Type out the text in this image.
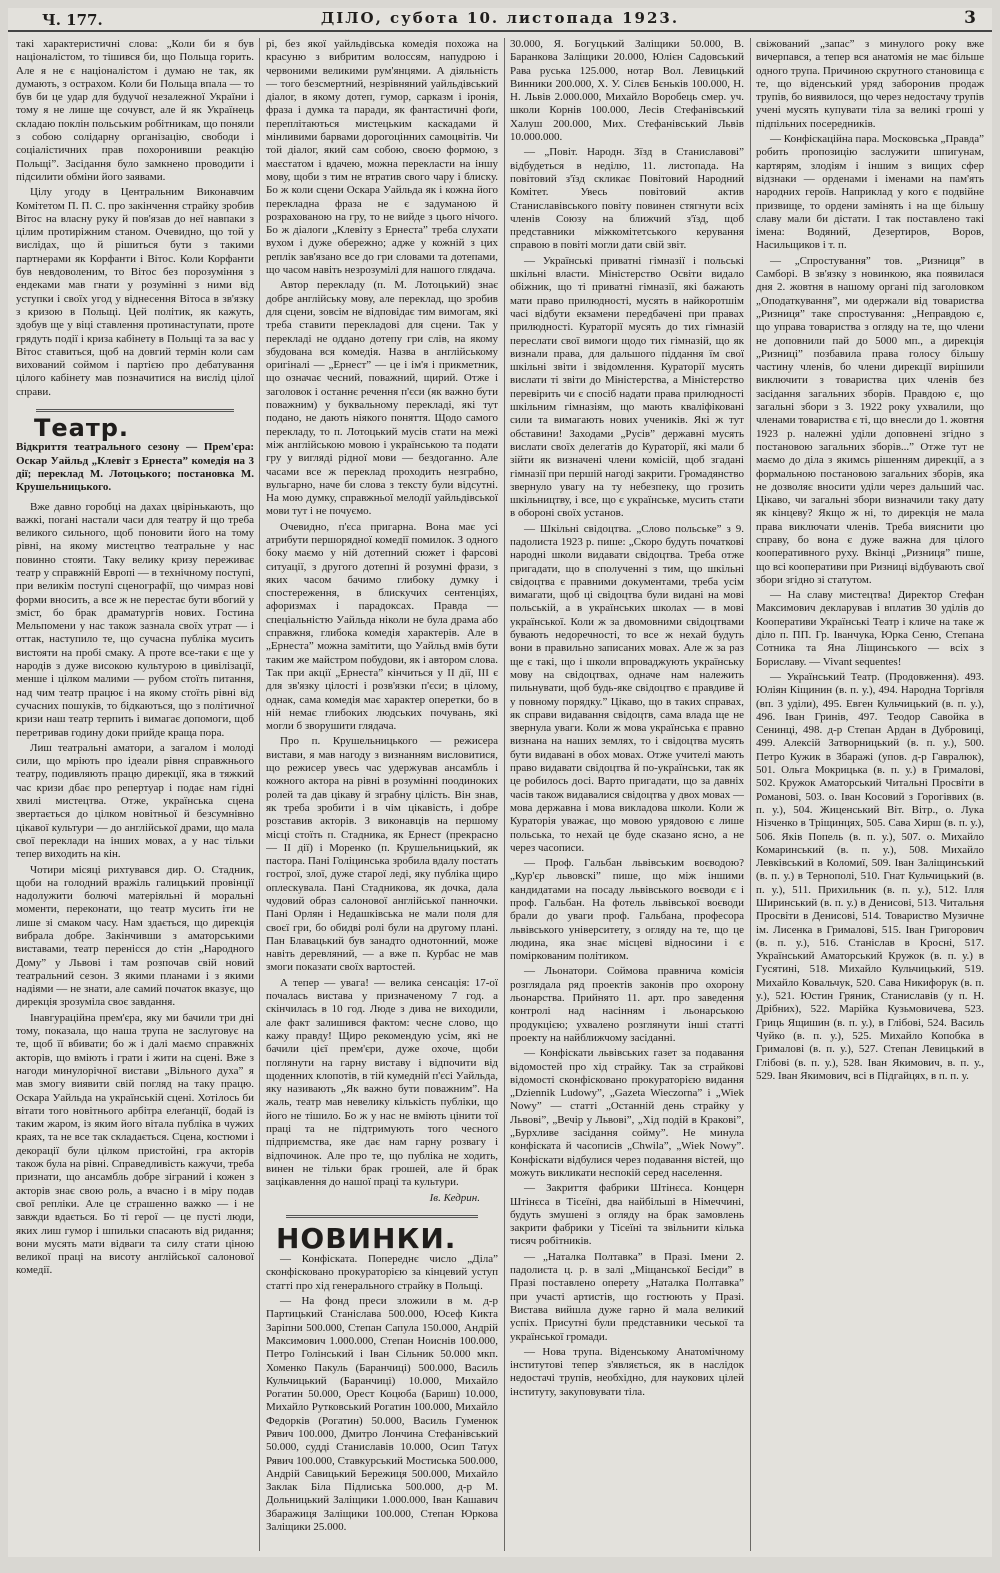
Ч. 177.	ДІЛО, субота 10. листопада 1923.	3

такі характеристичні слова: „Коли би я був націоналістом, то тішився би, що Польща горить. Але я не є націоналістом і думаю не так, як думають, з острахом. Коли би Польща впала — то був би це удар для будучої незалежної України і тому я не лише ще сочувст, але й як Українець складаю поклін польським робітникам, що поняли з собою солідарну організацію, свободи і соціалістичних прав похоронивши реакцію Польщі”. Засідання було замкнено проводити і підсилити обміни його заявами.

Цілу угоду в Центральним Виконавчим Комітетом П. П. С. про закінчення страйку зробив Вітос на власну руку й пов'язав до неї навпаки з цілим протиріжним станом. Очевидно, що той у вислідах, що й рішиться бути з такими партнерами як Корфанти і Вітос. Коли Корфанти був невдоволеним, то Вітос без порозуміння з ендеками мав гнати у розумінні з ними від уступки і своїх угод у віднесення Вітоса в зв'язку з кризою в Польщі. Цей політик, як кажуть, здобув ще у віці ставлення протинаступати, проте грядуть події і криза кабінету в Польщі та за вас у Вітос ставиться, щоб на довгий термін коли сам вихований соймом і партією про дебатування цілого кабінету мав позначитися на вислід цілої справи.

Театр.

Відкриття театрального сезону — Прем'єра: Оскар Уайльд „Клевіт з Ернеста” комедія на 3 дії; переклад М. Лотоцького; постановка М. Крушельницького.

Вже давно горобці на дахах цвірінькають, що важкі, погані настали часи для театру й що треба великого сильного, щоб поновити його на тому рівні, на якому мистецтво театральне у нас повинно стояти. Таку велику кризу переживає театр у справжній Европі — в технічному поступі, при великім поступі сценографії, що чимраз нові форми вносить, а все ж не перестає бути вбогий у зміст, бо брак драматургів нових. Гостина Мельпомени у нас також зазнала своїх утрат — і оттак, наступило те, що сучасна публіка мусить вистояти на пробі смаку. А проте все-таки є ще у народів з дуже високою культурою в цивілізації, менше і цілком малими — рубом стоїть питання, над чим театр працює і на якому стоїть рівні від сучасних пошуків, то бідкаються, що з політичної кризи наш театр терпить і вимагає допомоги, щоб перетривав годину доки прийде краща пора.

Лиш театральні аматори, а загалом і молоді сили, що мріють про ідеали рівня справжнього театру, подивляють працю дирекції, яка в тяжкий час кризи дбає про репертуар і подає нам гідні хвилі мистецтва. Отже, українська сцена звертається до цілком новітньої й безсумнівно цікавої культури — до англійської драми, що мала свої переклади на інших мовах, а у нас тільки тепер виходить на кін.

Чотири місяці рихтувався дир. О. Стадник, щоби на голодний вражіль галицький провінції надолужити болючі матеріяльні й моральні моменти, переконати, що театр мусить іти не лише зі смаком часу. Нам здається, що дирекція вибрала добре. Закінчивши з аматорськими виставами, театр перенісся до стін „Народного Дому” у Львові і там розпочав свій новий театральний сезон. З якими планами і з якими надіями — не знати, але самий початок вказує, що дирекція зрозуміла своє завдання.

Інавгураційна прем'єра, яку ми бачили три дні тому, показала, що наша трупа не заслуговує на те, щоб її вбивати; бо ж і далі маємо справжніх акторів, що вміють і грати і жити на сцені. Вже з нагоди минулорічної вистави „Вільного духа” я мав змогу виявити свій погляд на таку працю. Оскара Уайльда на українській сцені. Хотілось би вітати того новітнього арбітра елеґанції, бодай із таким жаром, із яким його вітала публіка в чужих краях, та не все так складається. Сцена, костюми і декорації були цілком пристойні, гра акторів також була на рівні. Справедливість кажучи, треба признати, що ансамбль добре зіграний і кожен з акторів знає свою роль, а вчасно і в міру подав свої репліки. Але це страшенно важко — і не завжди вдається. Бо ті герої — це пусті люди, яких лиш гумор і шпильки спасають від ридання; вони мусять мати відваги та силу стати ціною великої праці на висоту англійської салонової комедії.

рі, без якої уайльдівська комедія похожа на красуню з вибритим волоссям, напудрою і червоними великими рум'янцями. А діяльність — того безсмертний, незрівняний уайльдівський діалог, в якому дотеп, гумор, сарказм і іронія, фраза і думка та паради, як фантастичні фоґи, переплітаються мистецьким каскадами й мінливими барвами дорогоцінних самоцвітів. Чи той діалог, який сам собою, своєю формою, з маєстатом і вдачею, можна перекласти на іншу мову, щоби з тим не втратив свого чару і блиску. Бо ж коли сцени Оскара Уайльда як і кожна його перекладна фраза не є задуманою й розрахованою на гру, то не вийде з цього нічого. Бо ж діалоги „Клевіту з Ернеста” треба слухати вухом і дуже обережно; адже у кожній з цих реплік зав'язано все до гри словами та дотепами, що часом навіть незрозумілі для нашого глядача.

Автор перекладу (п. М. Лотоцький) знає добре англійську мову, але переклад, що зробив для сцени, зовсім не відповідає тим вимогам, які треба ставити перекладові для сцени. Так у перекладі не оддано дотепу гри слів, на якому збудована вся комедія. Назва в англійському оригіналі — „Ернест” — це і ім'я і прикметник, що означає чесний, поважний, щирий. Отже і заголовок і останнє речення п'єси (як важно бути поважним) у буквальному перекладі, які тут подано, не дають ніякого поняття. Щодо самого перекладу, то п. Лотоцький мусів стати на межі між англійською мовою і українською та подати гру у вигляді рідної мови — бездоганно. Але часами все ж переклад проходить незграбно, вульгарно, наче би слова з тексту були відсутні. На мою думку, справжньої мелодії уайльдівської мови тут і не почуємо.

Очевидно, п'єса пригарна. Вона має усі атрибути першорядної комедії помилок. З одного боку маємо у ній дотепний сюжет і фарсові ситуації, з другого дотепні й розумні фрази, з яких часом бачимо глибоку думку і спостереження, в блискучих сентенціях, афоризмах і парадоксах. Правда — спеціальністю Уайльда ніколи не була драма або справжня, глибока комедія характерів. Але в „Ернеста” можна замітити, що Уайльд вмів бути таким же майстром побудови, як і автором слова. Так при акції „Ернеста” кінчиться у II дії, III є для зв'язку цілості і розв'язки п'єси; в цілому, однак, сама комедія має характер оперетки, бо в ній немає глибоких людських почувань, які могли б зворушити глядача.

Про п. Крушельницького — режисера вистави, я мав нагоду з визнанням висловитися, що режисер увесь час удержував ансамбль і кожного актора на рівні в розумінні поодиноких ролей та дав цікаву й зграбну цілість. Він знав, як треба зробити і в чім цікавість, і добре розставив акторів. З виконавців на першому місці стоїть п. Стадника, як Ернест (прекрасно — II дії) і Моренко (п. Крушельницький, як пастора. Пані Голіцинська зробила вдалу постать гострої, злої, дуже старої леді, яку публіка щиро оплескувала. Пані Стадникова, як дочка, дала чудовий образ салонової англійської панночки. Пані Орлян і Недашківська не мали поля для своєї гри, бо обидві ролі були на другому плані. Пан Блавацький був занадто однотонний, може навіть деревляний, — а вже п. Курбас не мав змоги показати своїх вартостей.

А тепер — увага! — велика сенсація: 17-ої почалась вистава у призначеному 7 год. а скінчилась в 10 год. Люде з дива не виходили, але факт залишився фактом: чесне слово, що кажу правду! Щиро рекомендую усім, які не бачили цієї прем'єри, дуже охоче, щоби поглянути на гарну виставу і відпочити від щоденних клопотів, в тій кумедній п'єсі Уайльда, яку називають „Як важно бути поважним”. На жаль, театр мав невелику кількість публіки, що його не тішило. Бо ж у нас не вміють цінити тої праці та не підтримують того чесного підприємства, яке дає нам гарну розвагу і відпочинок. Але про те, що публіка не ходить, винен не тільки брак грошей, але й брак зацікавлення до нашої праці та культури.

Ів. Кедрин.

НОВИНКИ.

— Конфіската. Попереднє число „Діла” сконфісковано прокураторією за кінцевий уступ статті про хід генерального страйку в Польщі.

— На фонд преси зложили в м. д-р Партицький Станіслава 500.000, Юсеф Кикта Заріпни 500.000, Степан Сапула 150.000, Андрій Максимович 1.000.000, Степан Ноиснів 100.000, Петро Голінський і Іван Сільник 50.000 мкп. Хоменко Пакуль (Баранчиці) 500.000, Василь Кульчицький (Баранчиці) 10.000, Михайло Рогатин 50.000, Орест Коцюба (Бариш) 10.000, Михайло Рутковський Рогатин 100.000, Михайло Федорків (Рогатин) 50.000, Василь Гуменюк Рявич 100.000, Дмитро Лончина Стефанівський 50.000, судді Станиславів 10.000, Осип Татух Рявич 100.000, Ставкурський Мостиська 500.000, Андрій Савицький Бережиця 500.000, Михайло Заклак Біла Підлиська 500.000, д-р М. Дольницький Заліщики 1.000.000, Іван Кашавич Збаражиця Заліщики 100.000, Степан Юркова Заліщики 25.000.

30.000, Я. Богуцький Заліщики 50.000, В. Баранкова Заліщики 20.000, Юлієн Садовський Рава руська 125.000, нотар Вол. Левицький Винники 200.000, Х. У. Сілєв Бєньків 100.000, Н. Н. Львів 2.000.000, Михайло Воробець смер. уч. школи Корнів 100.000, Лесів Стефанівський Халуш 200.000, Мих. Стефанівський Львів 10.000.000.

— „Повіт. Народн. Зїзд в Станиславові” відбудеться в неділю, 11. листопада. На повітовий з'їзд скликає Повітовий Народний Комітет. Увесь повітовий актив Станиславівського повіту повинен стягнути всіх членів Союзу на ближчий з'їзд, щоб представники міжкомітетського керування справою в повіті могли дати свій звіт.

— Українські приватні гімназії і польські шкільні власти. Міністерство Освіти видало обіжник, що ті приватні гімназії, які бажають мати право прилюдності, мусять в найкоротшім часі відбути екзамени передбачені при правах прилюдності. Кураторії мусять до тих гімназій переслати свої вимоги щодо тих гімназій, що як визнали права, для дальшого піддання їм свої шкільні звіти і звідомлення. Кураторії мусять вислати ті звіти до Міністерства, а Міністерство перевірить чи є спосіб надати права прилюдності шкільним гімназіям, що мають кваліфіковані сили та вимагають нових учеників. Які ж тут обставини! Заходами „Русів” державні мусять вислати своїх делегатів до Кураторії, які мали б зійти як визначені члени комісій, щоб згадані гімназії при першій нагоді закрити. Громадянство звернуло увагу на ту небезпеку, що грозить шкільництву, і все, що є українське, мусить стати в обороні своїх установ.

— Шкільні свідоцтва. „Слово польське” з 9. падолиста 1923 р. пише: „Скоро будуть початкові народні школи видавати свідоцтва. Треба отже пригадати, що в сполученні з тим, що шкільні свідоцтва є правними документами, треба усім вимагати, щоб ці свідоцтва були видані на мові польській, а в українських школах — в мові української. Коли ж за двомовними свідоцтвами бувають недоречності, то все ж нехай будуть вони в правильно записаних мовах. Але ж за раз ще є такі, що і школи впроваджують українську мову на свідоцтвах, одначе нам належить пильнувати, щоб будь-яке свідоцтво є правдиве й у повному порядку.” Цікаво, що в таких справах, як справи видавання свідоцтв, сама влада ще не звернула уваги. Коли ж мова українська є правно визнана на наших землях, то і свідоцтва мусять бути видавані в обох мовах. Отже учителі мають право видавати свідоцтва й по-українськи, так як це робилось досі. Варто пригадати, що за давніх часів також видавалися свідоцтва у двох мовах — мова державна і мова викладова школи. Коли ж Кураторія уважає, що мовою урядовою є лише польська, то нехай це буде сказано ясно, а не через часописи.

— Проф. Гальбан львівським воєводою? „Кур'єр львовскі” пише, що між іншими кандидатами на посаду львівського воєводи є і проф. Гальбан. На фотель львівської воєводи брали до уваги проф. Гальбана, професора львівського університету, з огляду на те, що це людина, яка знає місцеві відносини і є поміркованим політиком.

— Льонатори. Соймова правнича комісія розглядала ряд проектів законів про охорону льонарства. Прийнято 11. арт. про заведення контролі над насінням і льонарською продукцією; ухвалено розглянути інші статті проекту на найближчому засіданні.

— Конфіскати львівських газет за подавання відомостей про хід страйку. Так за страйкові відомості сконфісковано прокураторією видання „Dziennik Ludowy”, „Gazeta Wieczorna” і „Wiek Nowy” — статті „Останній день страйку у Львові”, „Вечір у Львові”, „Хід подій в Кракові”, „Бурхливе засідання сойму”. Не минула конфіската й часописів „Chwila”, „Wiek Nowy”. Конфіскати відбулися через подавання вістей, що можуть викликати неспокій серед населення.

— Закриття фабрики Штінєса. Концерн Штінєса в Тісеїні, два найбільші в Німеччині, будуть змушені з огляду на брак замовлень закрити фабрики у Тісеїні та звільнити кілька тисяч робітників.

— „Наталка Полтавка” в Празі. Імени 2. падолиста ц. р. в залі „Міщанської Бесіди” в Празі поставлено оперету „Наталка Полтавка” при участі артистів, що гостюють у Празі. Вистава вийшла дуже гарно й мала великий успіх. Присутні були представники чеської та української громади.

— Нова трупа. Віденському Анатомічному інститутові тепер з'являється, як в наслідок недостачі трупів, необхідно, для наукових цілей інституту, закуповувати тіла.

свіжований „запас” з минулого року вже вичерпався, а тепер вся анатомія не має більше одного трупа. Причиною скрутного становища є те, що віденський уряд заборонив продаж трупів, бо виявилося, що через недостачу трупів учені мусять купувати тіла за великі гроші у підпільних посередників.

— Конфіскаційна пара. Московська „Правда” робить пропозицію заслужити шпигунам, картярям, злодіям і іншим з вищих сфер відзнаки — орденами і іменами на пам'ять народних героїв. Наприклад у кого є подвійне призвище, то ордени замінять і на ще більшу славу мали би дістати. І так поставлено такі імена: Водяний, Дезертиров, Воров, Насильщиков і т. п.

— „Спростування” тов. „Ризниця” в Самборі. В зв'язку з новинкою, яка появилася дня 2. жовтня в нашому органі під заголовком „Оподаткування”, ми одержали від товариства „Ризниця” таке спростування: „Неправдою є, що управа товариства з огляду на те, що члени не доповнили пай до 5000 мп., а дирекція „Ризниці” позбавила права голосу більшу частину членів, бо члени дирекції вирішили виключити з товариства цих членів без засідання загальних зборів. Правдою є, що загальні збори з 3. 1922 року ухвалили, що членами товариства є ті, що внесли до 1. жовтня 1923 р. належні уділи доповнені згідно з постановою загальних зборів...” Отже тут не маємо до діла з якимсь рішенням дирекції, а з формальною постановою загальних зборів, яка не дозволяє вносити уділи через дальший час. Цікаво, чи загальні збори визначили таку дату як кінцеву? Якщо ж ні, то дирекція не мала права виключати членів. Треба вияснити цю справу, бо вона є дуже важна для цілого кооперативного руху. Вкінці „Ризниця” пише, що всі кооперативи при Ризниці відбувають свої збори згідно зі статутом.

— На славу мистецтва! Директор Стефан Максимович декларував і вплатив 30 уділів до Кооперативи Українські Театр і кличе на таке ж діло п. ПП. Гр. Іванчука, Юрка Сеню, Степана Сотника та Яна Ліщинського — всіх з Бориславу. — Vivant sequentes!

— Український Театр. (Продовження). 493. Юліян Кіщинин (в. п. у.), 494. Народна Торгівля (вп. 3 уділи), 495. Евген Кульчицький (в. п. у.), 496. Іван Гринів, 497. Теодор Савойка в Сенинці, 498. д-р Степан Ардан в Дубровиці, 499. Алексій Затворницький (в. п. у.), 500. Петро Кужик в Збаражі (упов. д-р Гавралюк), 501. Ольга Мокрицька (в. п. у.) в Грималові, 502. Кружок Аматорський Читальні Просвіти в Романові, 503. о. Іван Косовий з Горогіввих (в. п. у.), 504. Жиценський Віт. Вітр., о. Лука Нізченко в Тріщинцях, 505. Сава Хирш (в. п. у.), 506. Яків Попель (в. п. у.), 507. о. Михайло Комаринський (в. п. у.), 508. Михайло Левківський в Коломиї, 509. Іван Заліщинський (в. п. у.) в Тернополі, 510. Гнат Кульчицький (в. п. у.), 511. Прихильник (в. п. у.), 512. Ілля Ширинський (в. п. у.) в Денисові, 513. Читальня Просвіти в Денисові, 514. Товариство Музичне ім. Лисенка в Грималові, 515. Іван Григорович (в. п. у.), 516. Станіслав в Кросні, 517. Український Аматорський Кружок (в. п. у.) в Гусятині, 518. Михайло Кульчицький, 519. Михайло Ковальчук, 520. Сава Никифорук (в. п. у.), 521. Юстин Гряник, Станиславів (у п. Н. Дрібних), 522. Марійка Кузьмовичева, 523. Гриць Ящишин (в. п. у.), в Глібові, 524. Василь Чуйко (в. п. у.), 525. Михайло Копобка в Грималові (в. п. у.), 527. Степан Левицький в Глібові (в. п. у.), 528. Іван Якимович, в. п. у., 529. Іван Якимович, всі в Підгайцях, в п. п. у.
